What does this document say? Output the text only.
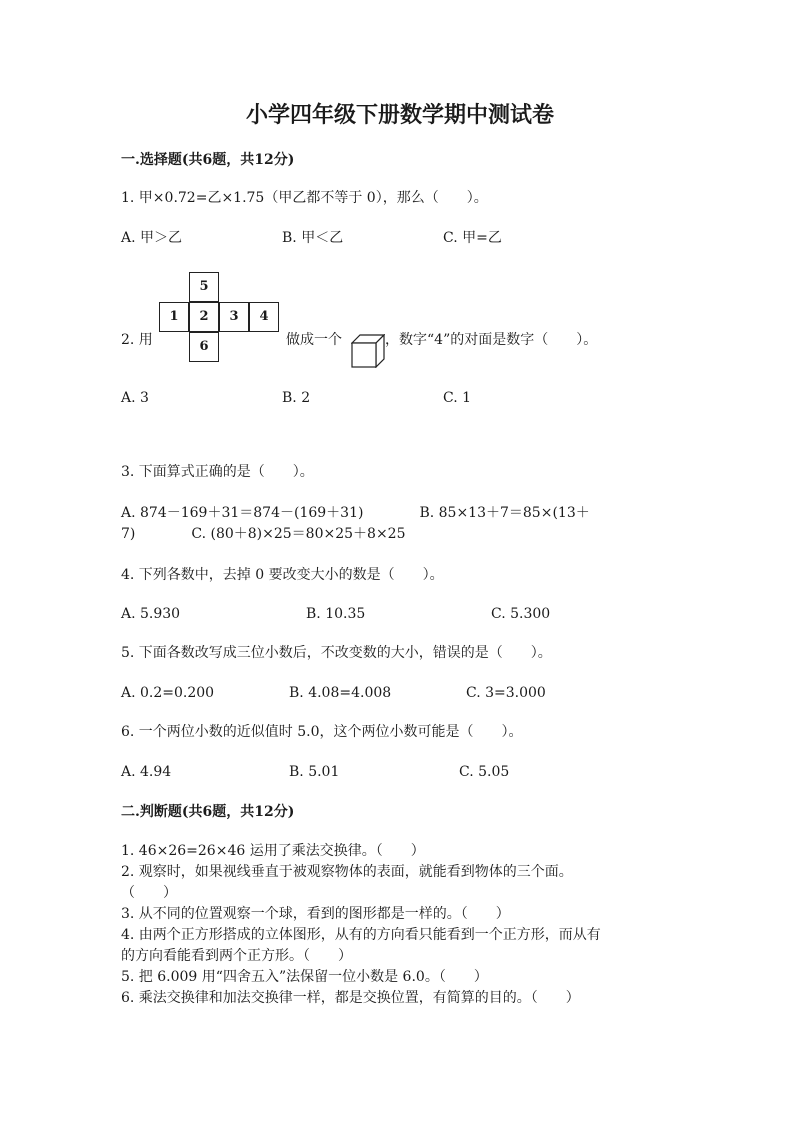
小学四年级下册数学期中测试卷
一.选择题(共6题，共12分)
1. 甲×0.72=乙×1.75（甲乙都不等于 0），那么（　　）。
A. 甲＞乙	B. 甲＜乙	C. 甲=乙
2. 用
5
1	2	3	4
6	做成一个	，数字“4”的对面是数字（　　）。
A. 3	B. 2	C. 1
3. 下面算式正确的是（　　）。
A. 874－169＋31＝874－(169＋31)　　　　B. 85×13＋7＝85×(13＋
7)　　　　C. (80＋8)×25＝80×25＋8×25
4. 下列各数中，去掉 0 要改变大小的数是（　　）。
A. 5.930	B. 10.35	C. 5.300
5. 下面各数改写成三位小数后，不改变数的大小，错误的是（　　）。
A. 0.2=0.200	B. 4.08=4.008	C. 3=3.000
6. 一个两位小数的近似值时 5.0，这个两位小数可能是（　　）。
A. 4.94	B. 5.01	C. 5.05
二.判断题(共6题，共12分)
1. 46×26=26×46 运用了乘法交换律。（　　）
2. 观察时，如果视线垂直于被观察物体的表面，就能看到物体的三个面。
（　　）
3. 从不同的位置观察一个球，看到的图形都是一样的。（　　）
4. 由两个正方形搭成的立体图形，从有的方向看只能看到一个正方形，而从有
的方向看能看到两个正方形。（　　）
5. 把 6.009 用“四舍五入”法保留一位小数是 6.0。（　　）
6. 乘法交换律和加法交换律一样，都是交换位置，有简算的目的。（　　）
